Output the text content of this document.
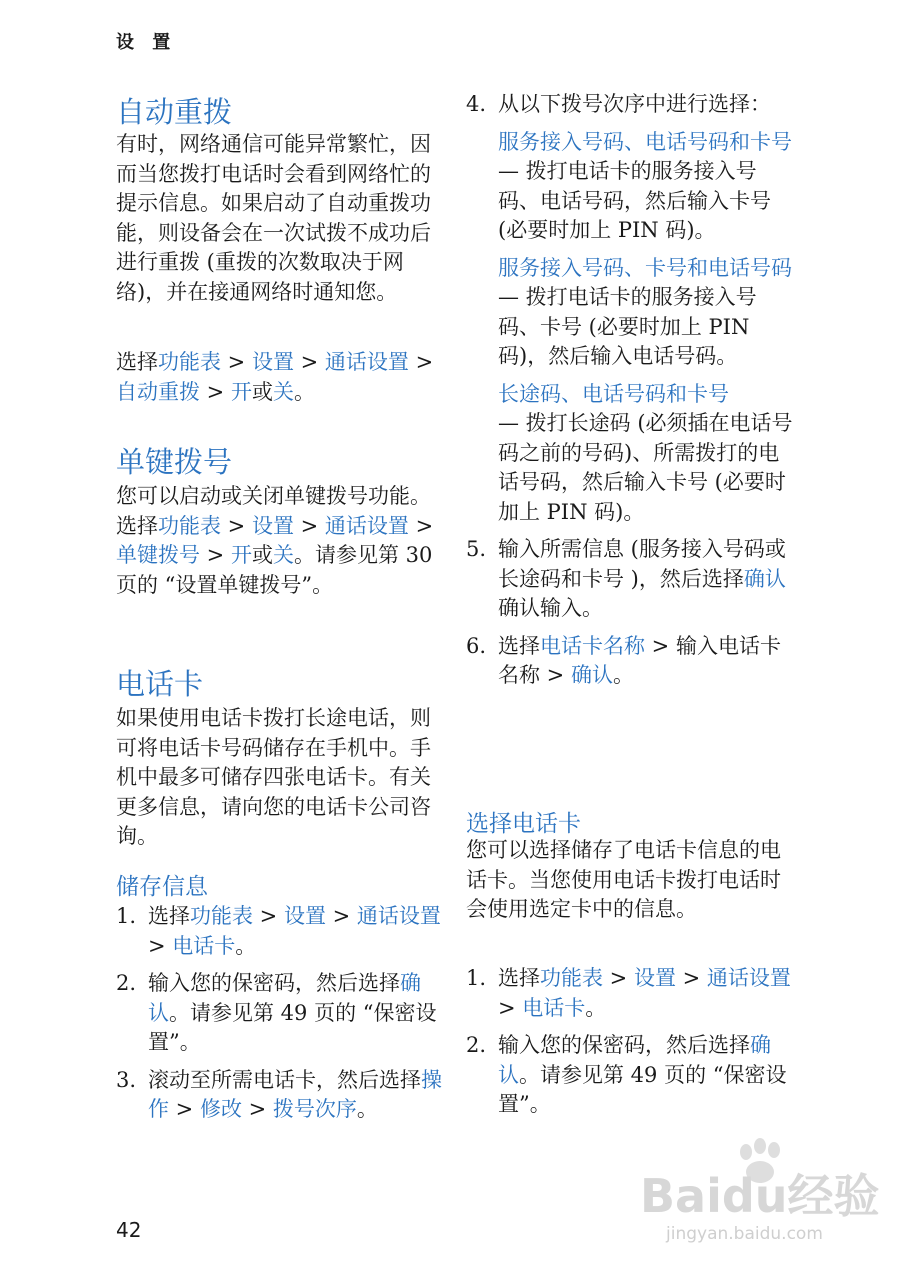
设 置
自动重拨

有时，网络通信可能异常繁忙，因而当您拨打电话时会看到网络忙的提示信息。如果启动了自动重拨功能，则设备会在一次试拨不成功后进行重拨 (重拨的次数取决于网络)，并在接通网络时通知您。

选择功能表 > 设置 > 通话设置 > 自动重拨 > 开或关。

单键拨号

您可以启动或关闭单键拨号功能。选择功能表 > 设置 > 通话设置 > 单键拨号 > 开或关。请参见第 30 页的 “设置单键拨号”。

电话卡

如果使用电话卡拨打长途电话，则可将电话卡号码储存在手机中。手机中最多可储存四张电话卡。有关更多信息，请向您的电话卡公司咨询。

储存信息
1. 选择功能表 > 设置 > 通话设置 > 电话卡。
2. 输入您的保密码，然后选择确认。请参见第 49 页的 “保密设置”。
3. 滚动至所需电话卡，然后选择操作 > 修改 > 拨号次序。
4. 从以下拨号次序中进行选择：
服务接入号码、电话号码和卡号 — 拨打电话卡的服务接入号码、电话号码，然后输入卡号 (必要时加上 PIN 码)。
服务接入号码、卡号和电话号码 — 拨打电话卡的服务接入号码、卡号 (必要时加上 PIN 码)，然后输入电话号码。
长途码、电话号码和卡号
— 拨打长途码 (必须插在电话号码之前的号码)、所需拨打的电话号码，然后输入卡号 (必要时加上 PIN 码)。
5. 输入所需信息 (服务接入号码或长途码和卡号 )，然后选择确认确认输入。
6. 选择电话卡名称 > 输入电话卡名称 > 确认。
选择电话卡

您可以选择储存了电话卡信息的电话卡。当您使用电话卡拨打电话时会使用选定卡中的信息。

1. 选择功能表 > 设置 > 通话设置 > 电话卡。
2. 输入您的保密码，然后选择确认。请参见第 49 页的 “保密设置”。
42
Baidu经验
jingyan.baidu.com
